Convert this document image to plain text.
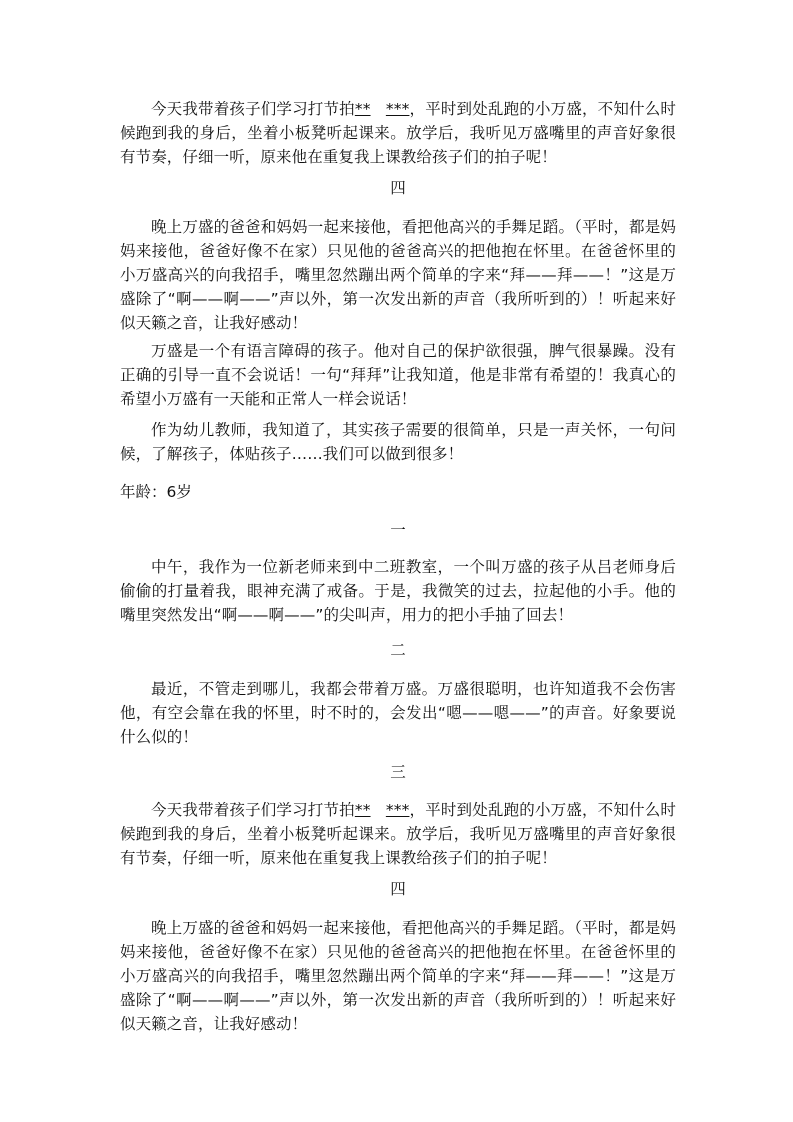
今天我带着孩子们学习打节拍** ***，平时到处乱跑的小万盛，不知什么时候跑到我的身后，坐着小板凳听起课来。放学后，我听见万盛嘴里的声音好象很有节奏，仔细一听，原来他在重复我上课教给孩子们的拍子呢！

四

晚上万盛的爸爸和妈妈一起来接他，看把他高兴的手舞足蹈。（平时，都是妈妈来接他，爸爸好像不在家）只见他的爸爸高兴的把他抱在怀里。在爸爸怀里的小万盛高兴的向我招手，嘴里忽然蹦出两个简单的字来“拜——拜——！”这是万盛除了“啊——啊——”声以外，第一次发出新的声音（我所听到的）！听起来好似天籁之音，让我好感动！

万盛是一个有语言障碍的孩子。他对自己的保护欲很强，脾气很暴躁。没有正确的引导一直不会说话！一句“拜拜”让我知道，他是非常有希望的！我真心的希望小万盛有一天能和正常人一样会说话！

作为幼儿教师，我知道了，其实孩子需要的很简单，只是一声关怀，一句问候，了解孩子，体贴孩子……我们可以做到很多！

年龄：6岁

一

中午，我作为一位新老师来到中二班教室，一个叫万盛的孩子从吕老师身后偷偷的打量着我，眼神充满了戒备。于是，我微笑的过去，拉起他的小手。他的嘴里突然发出“啊——啊——”的尖叫声，用力的把小手抽了回去！

二

最近，不管走到哪儿，我都会带着万盛。万盛很聪明，也许知道我不会伤害他，有空会靠在我的怀里，时不时的，会发出“嗯——嗯——”的声音。好象要说什么似的！

三

今天我带着孩子们学习打节拍** ***，平时到处乱跑的小万盛，不知什么时候跑到我的身后，坐着小板凳听起课来。放学后，我听见万盛嘴里的声音好象很有节奏，仔细一听，原来他在重复我上课教给孩子们的拍子呢！

四

晚上万盛的爸爸和妈妈一起来接他，看把他高兴的手舞足蹈。（平时，都是妈妈来接他，爸爸好像不在家）只见他的爸爸高兴的把他抱在怀里。在爸爸怀里的小万盛高兴的向我招手，嘴里忽然蹦出两个简单的字来“拜——拜——！”这是万盛除了“啊——啊——”声以外，第一次发出新的声音（我所听到的）！听起来好似天籁之音，让我好感动！
